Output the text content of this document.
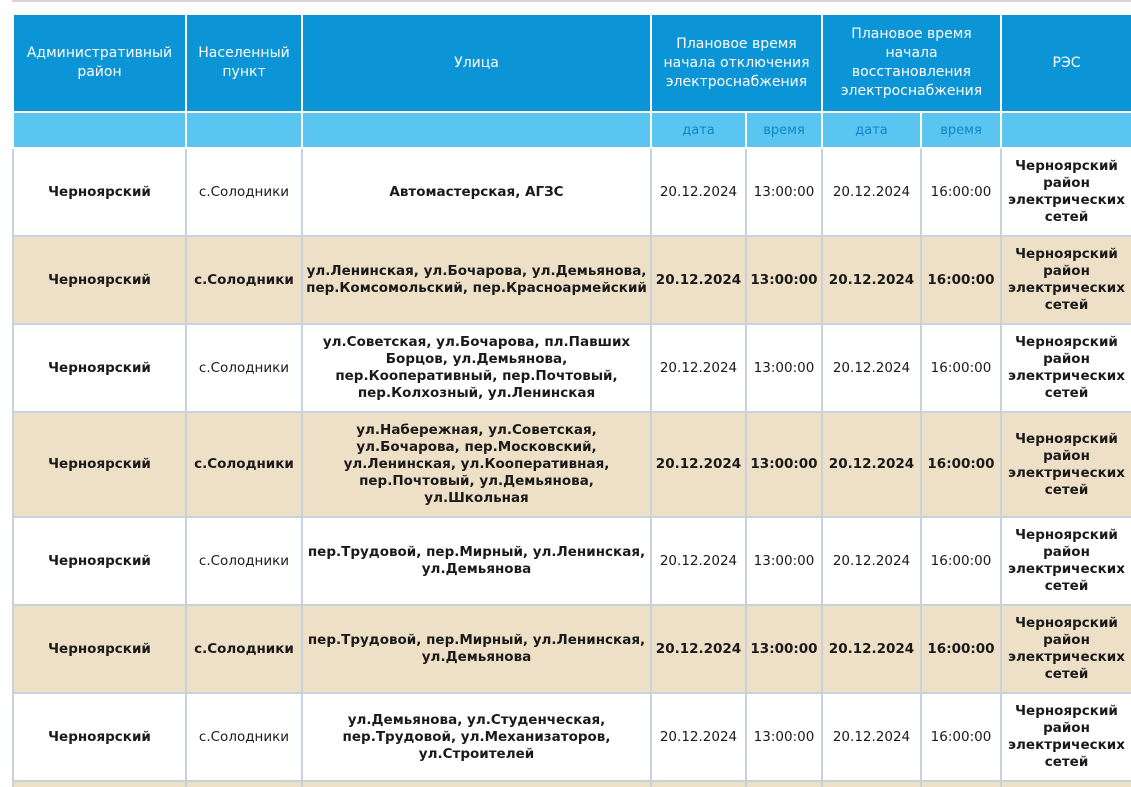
Административный район	Населенный пункт	Улица	Плановое время начала отключения электроснабжения		Плановое время начала восстановления электроснабжения		РЭС
			дата	время	дата	время	
Черноярский	с.Солодники	Автомастерская, АГЗС	20.12.2024	13:00:00	20.12.2024	16:00:00	Черноярский район электрических сетей
Черноярский	с.Солодники	ул.Ленинская, ул.Бочарова, ул.Демьянова, пер.Комсомольский, пер.Красноармейский	20.12.2024	13:00:00	20.12.2024	16:00:00	Черноярский район электрических сетей
Черноярский	с.Солодники	ул.Советская, ул.Бочарова, пл.Павших Борцов, ул.Демьянова, пер.Кооперативный, пер.Почтовый, пер.Колхозный, ул.Ленинская	20.12.2024	13:00:00	20.12.2024	16:00:00	Черноярский район электрических сетей
Черноярский	с.Солодники	ул.Набережная, ул.Советская, ул.Бочарова, пер.Московский, ул.Ленинская, ул.Кооперативная, пер.Почтовый, ул.Демьянова, ул.Школьная	20.12.2024	13:00:00	20.12.2024	16:00:00	Черноярский район электрических сетей
Черноярский	с.Солодники	пер.Трудовой, пер.Мирный, ул.Ленинская, ул.Демьянова	20.12.2024	13:00:00	20.12.2024	16:00:00	Черноярский район электрических сетей
Черноярский	с.Солодники	пер.Трудовой, пер.Мирный, ул.Ленинская, ул.Демьянова	20.12.2024	13:00:00	20.12.2024	16:00:00	Черноярский район электрических сетей
Черноярский	с.Солодники	ул.Демьянова, ул.Студенческая, пер.Трудовой, ул.Механизаторов, ул.Строителей	20.12.2024	13:00:00	20.12.2024	16:00:00	Черноярский район электрических сетей
